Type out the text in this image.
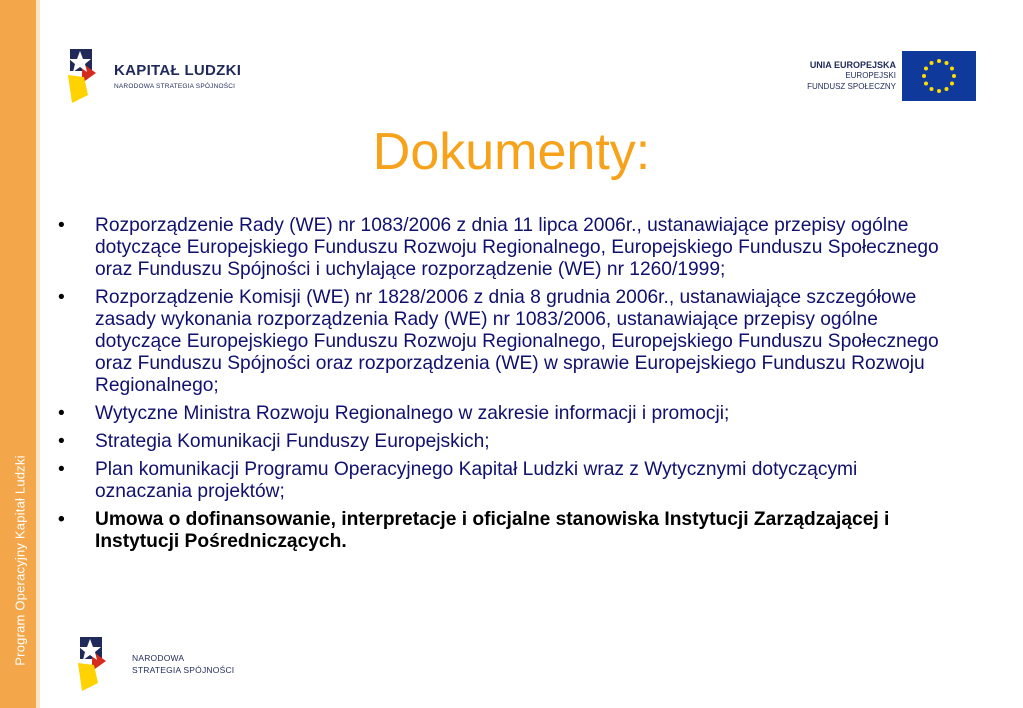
Program Operacyjny Kapitał Ludzki
KAPITAŁ LUDZKI
NARODOWA STRATEGIA SPÓJNOŚCI
UNIA EUROPEJSKA
EUROPEJSKI
FUNDUSZ SPOŁECZNY
Dokumenty:
•	Rozporządzenie Rady (WE) nr 1083/2006 z dnia 11 lipca 2006r., ustanawiające przepisy ogólne dotyczące Europejskiego Funduszu Rozwoju Regionalnego, Europejskiego Funduszu Społecznego oraz Funduszu Spójności i uchylające rozporządzenie (WE) nr 1260/1999;
•	Rozporządzenie Komisji (WE) nr 1828/2006 z dnia 8 grudnia 2006r., ustanawiające szczegółowe zasady wykonania rozporządzenia Rady (WE) nr 1083/2006, ustanawiające przepisy ogólne dotyczące Europejskiego Funduszu Rozwoju Regionalnego, Europejskiego Funduszu Społecznego oraz Funduszu Spójności oraz rozporządzenia (WE) w sprawie Europejskiego Funduszu Rozwoju Regionalnego;
•	Wytyczne Ministra Rozwoju Regionalnego w zakresie informacji i promocji;
•	Strategia Komunikacji Funduszy Europejskich;
•	Plan komunikacji Programu Operacyjnego Kapitał Ludzki wraz z Wytycznymi dotyczącymi oznaczania projektów;
•	Umowa o dofinansowanie, interpretacje i oficjalne stanowiska Instytucji Zarządzającej i Instytucji Pośredniczących.
NARODOWA
STRATEGIA SPÓJNOŚCI
